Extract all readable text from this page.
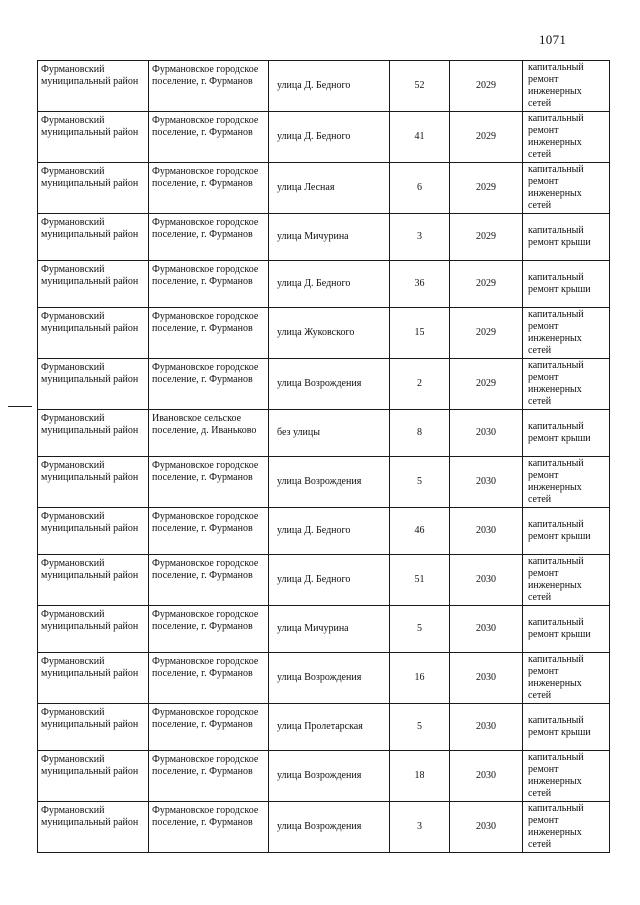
1071
Фурмановский муниципальный район	Фурмановское городское поселение, г. Фурманов	улица Д. Бедного	52	2029	капитальный ремонт инженерных сетей
Фурмановский муниципальный район	Фурмановское городское поселение, г. Фурманов	улица Д. Бедного	41	2029	капитальный ремонт инженерных сетей
Фурмановский муниципальный район	Фурмановское городское поселение, г. Фурманов	улица Лесная	6	2029	капитальный ремонт инженерных сетей
Фурмановский муниципальный район	Фурмановское городское поселение, г. Фурманов	улица Мичурина	3	2029	капитальный ремонт крыши
Фурмановский муниципальный район	Фурмановское городское поселение, г. Фурманов	улица Д. Бедного	36	2029	капитальный ремонт крыши
Фурмановский муниципальный район	Фурмановское городское поселение, г. Фурманов	улица Жуковского	15	2029	капитальный ремонт инженерных сетей
Фурмановский муниципальный район	Фурмановское городское поселение, г. Фурманов	улица Возрождения	2	2029	капитальный ремонт инженерных сетей
Фурмановский муниципальный район	Ивановское сельское поселение, д. Иваньково	без улицы	8	2030	капитальный ремонт крыши
Фурмановский муниципальный район	Фурмановское городское поселение, г. Фурманов	улица Возрождения	5	2030	капитальный ремонт инженерных сетей
Фурмановский муниципальный район	Фурмановское городское поселение, г. Фурманов	улица Д. Бедного	46	2030	капитальный ремонт крыши
Фурмановский муниципальный район	Фурмановское городское поселение, г. Фурманов	улица Д. Бедного	51	2030	капитальный ремонт инженерных сетей
Фурмановский муниципальный район	Фурмановское городское поселение, г. Фурманов	улица Мичурина	5	2030	капитальный ремонт крыши
Фурмановский муниципальный район	Фурмановское городское поселение, г. Фурманов	улица Возрождения	16	2030	капитальный ремонт инженерных сетей
Фурмановский муниципальный район	Фурмановское городское поселение, г. Фурманов	улица Пролетарская	5	2030	капитальный ремонт крыши
Фурмановский муниципальный район	Фурмановское городское поселение, г. Фурманов	улица Возрождения	18	2030	капитальный ремонт инженерных сетей
Фурмановский муниципальный район	Фурмановское городское поселение, г. Фурманов	улица Возрождения	3	2030	капитальный ремонт инженерных сетей
